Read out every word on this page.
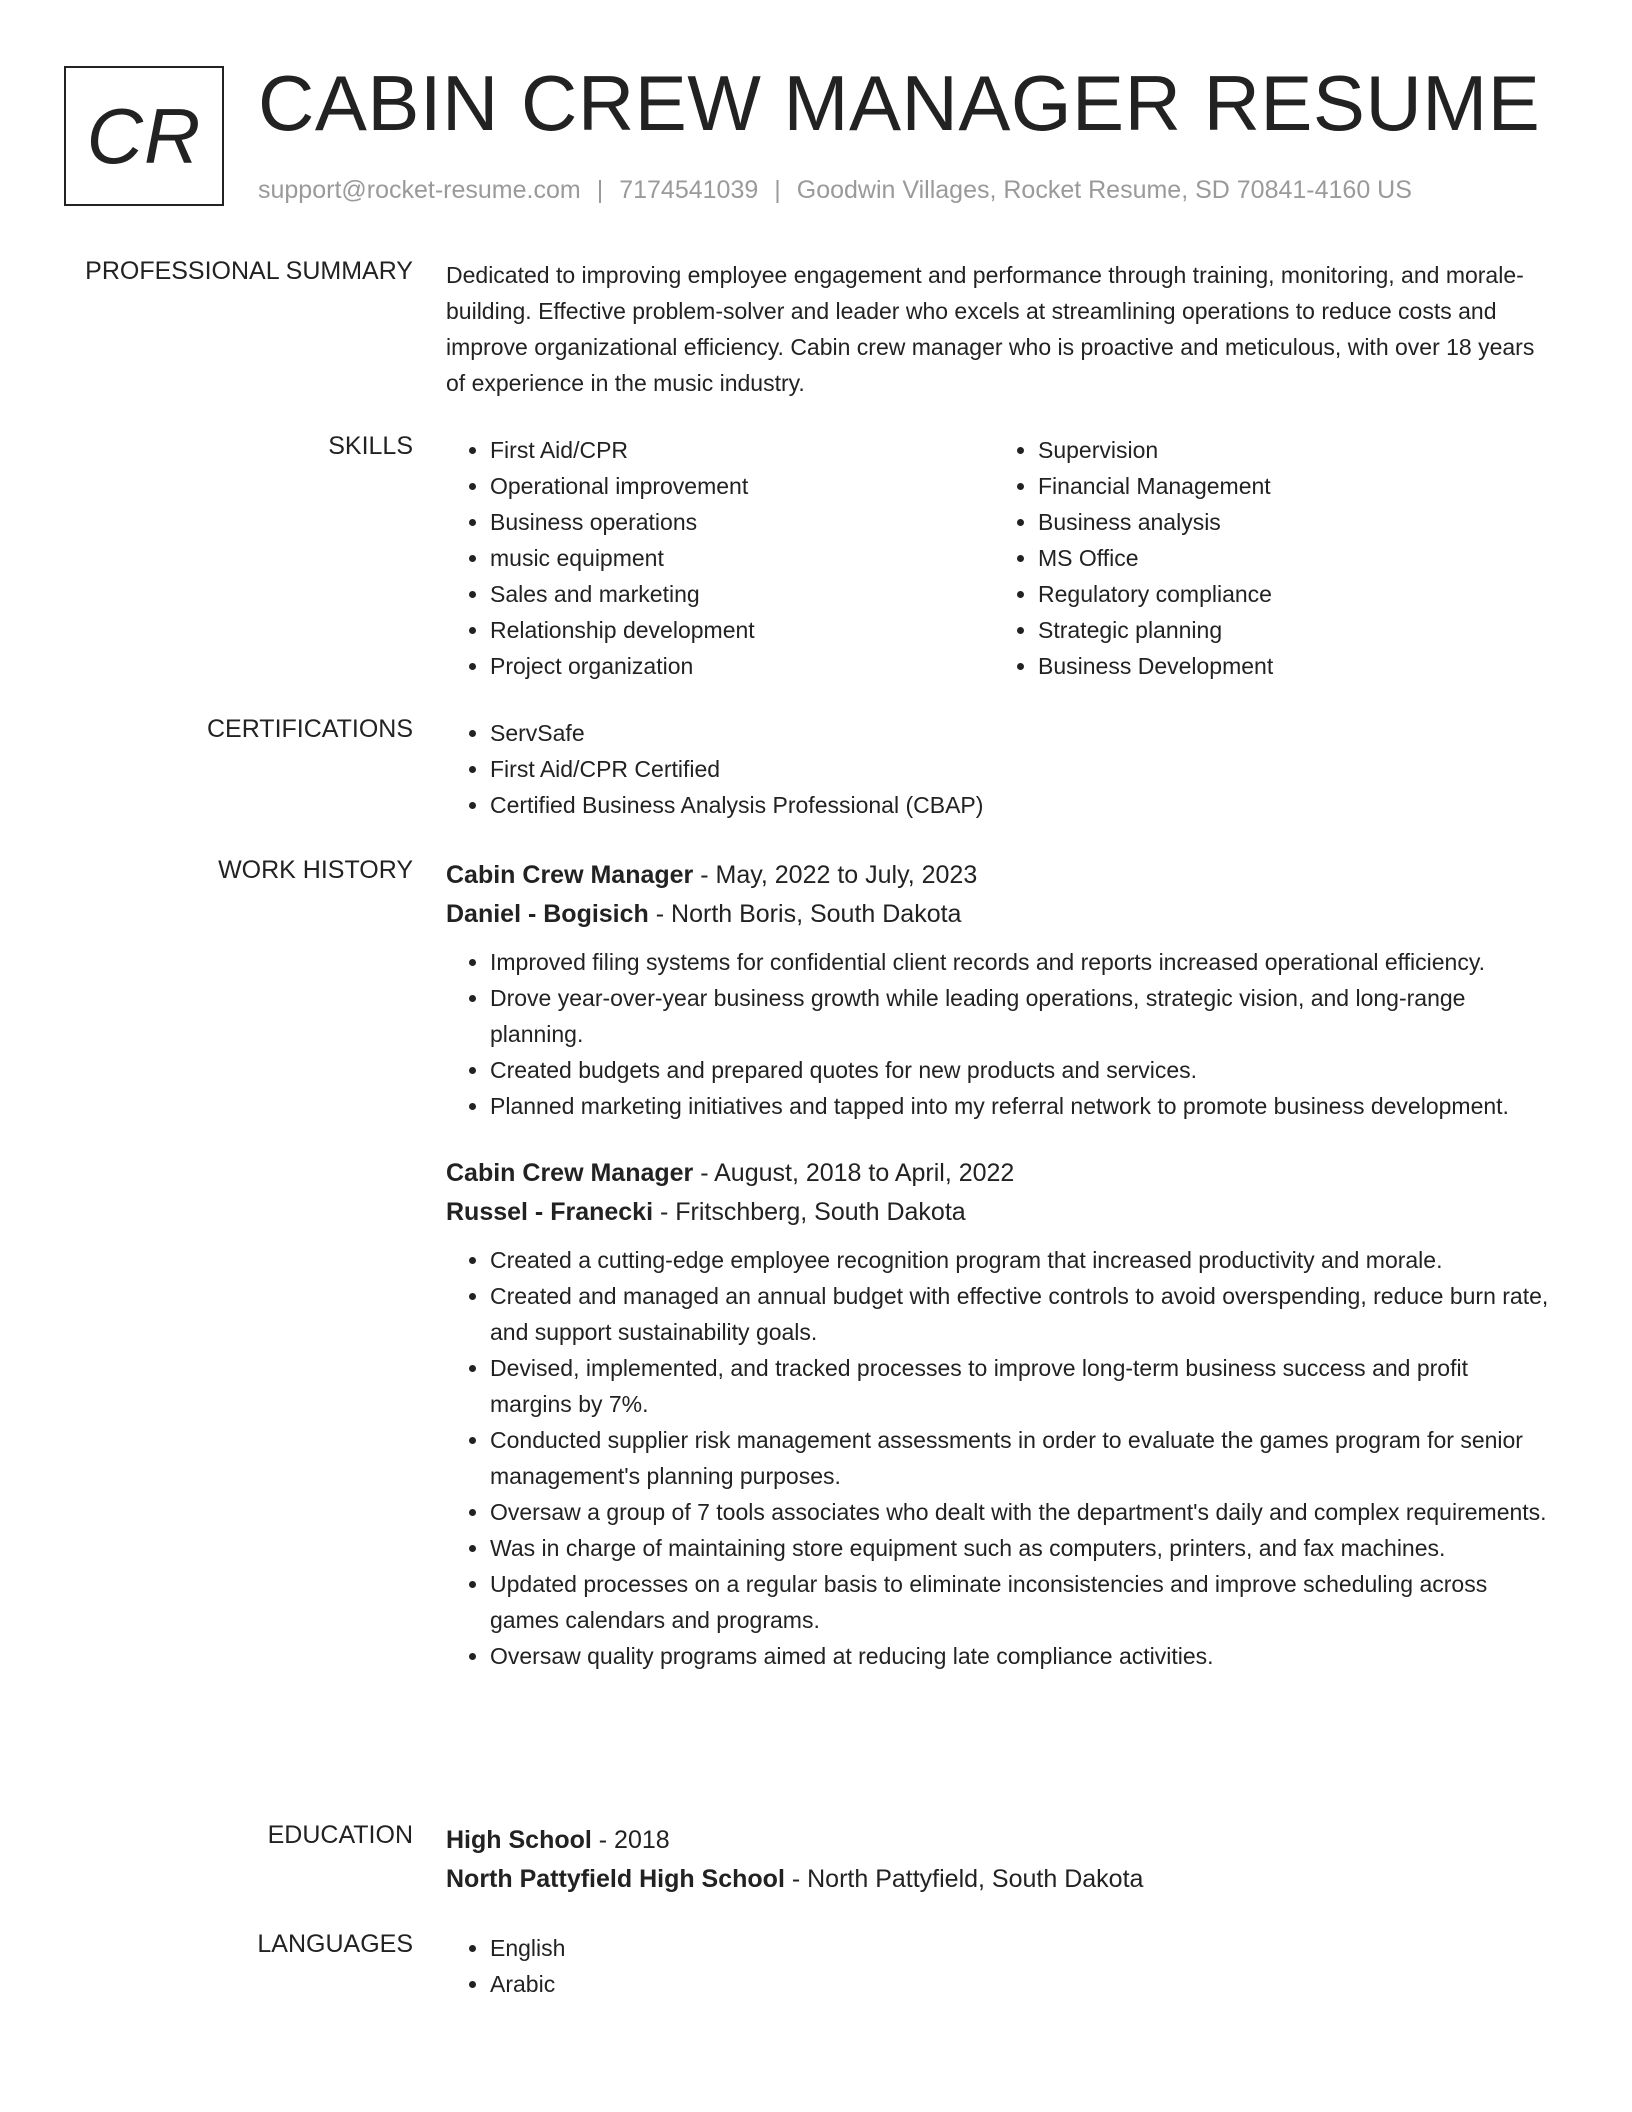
CR CABIN CREW MANAGER RESUME
support@rocket-resume.com | 7174541039 | Goodwin Villages, Rocket Resume, SD 70841-4160 US
PROFESSIONAL SUMMARY Dedicated to improving employee engagement and performance through training, monitoring, and morale-building. Effective problem-solver and leader who excels at streamlining operations to reduce costs and improve organizational efficiency. Cabin crew manager who is proactive and meticulous, with over 18 years of experience in the music industry.

SKILLS	• First Aid/CPR
• Operational improvement
• Business operations
• music equipment
• Sales and marketing
• Relationship development
• Project organization
• Supervision
• Financial Management
• Business analysis
• MS Office
• Regulatory compliance
• Strategic planning
• Business Development
CERTIFICATIONS	• ServSafe
• First Aid/CPR Certified
• Certified Business Analysis Professional (CBAP)
WORK HISTORY Cabin Crew Manager - May, 2022 to July, 2023
Daniel - Bogisich - North Boris, South Dakota
• Improved filing systems for confidential client records and reports increased operational efficiency.
• Drove year-over-year business growth while leading operations, strategic vision, and long-range planning.
• Created budgets and prepared quotes for new products and services.
• Planned marketing initiatives and tapped into my referral network to promote business development.
Cabin Crew Manager - August, 2018 to April, 2022
Russel - Franecki - Fritschberg, South Dakota
• Created a cutting-edge employee recognition program that increased productivity and morale.
• Created and managed an annual budget with effective controls to avoid overspending, reduce burn rate, and support sustainability goals.
• Devised, implemented, and tracked processes to improve long-term business success and profit margins by 7%.
• Conducted supplier risk management assessments in order to evaluate the games program for senior management's planning purposes.
• Oversaw a group of 7 tools associates who dealt with the department's daily and complex requirements.
• Was in charge of maintaining store equipment such as computers, printers, and fax machines.
• Updated processes on a regular basis to eliminate inconsistencies and improve scheduling across games calendars and programs.
• Oversaw quality programs aimed at reducing late compliance activities.
EDUCATION High School - 2018
North Pattyfield High School - North Pattyfield, South Dakota
LANGUAGES	• English
• Arabic
